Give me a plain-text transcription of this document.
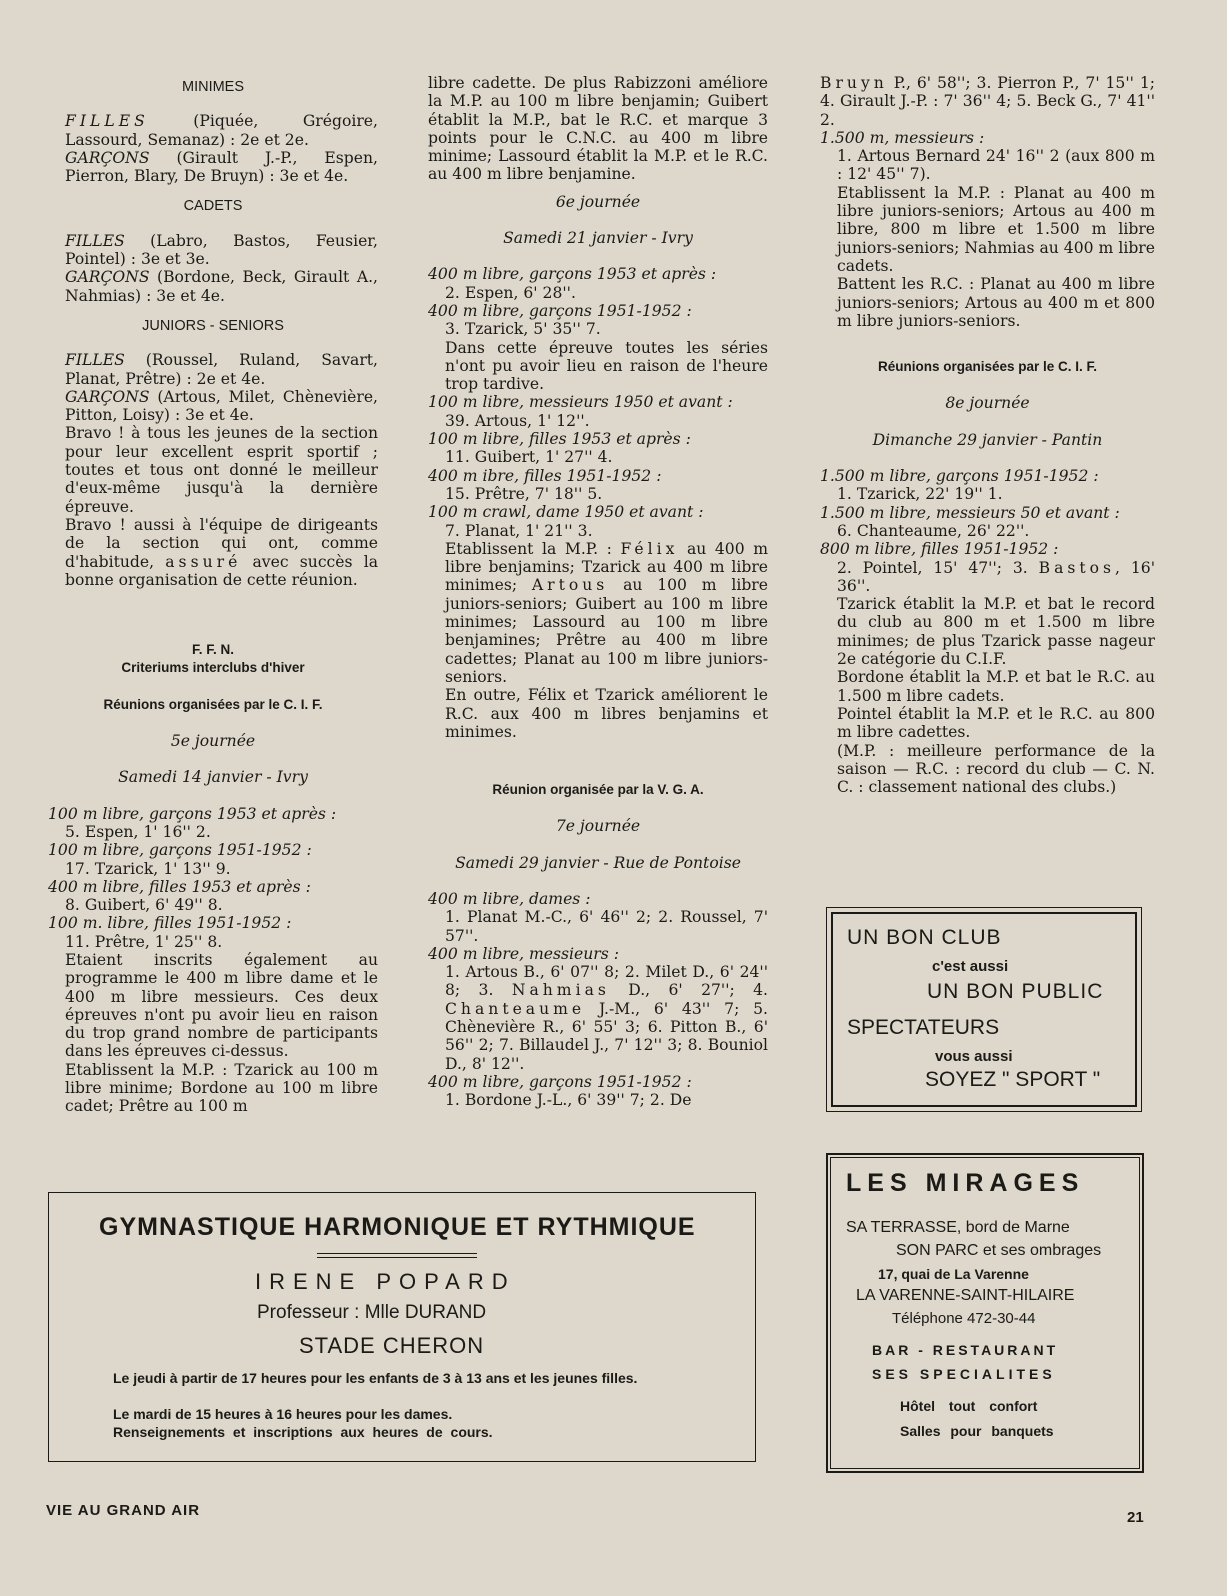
MINIMES

FILLES (Piquée, Grégoire, Lassourd, Semanaz) : 2e et 2e.

GARÇONS (Girault J.-P., Espen, Pierron, Blary, De Bruyn) : 3e et 4e.

CADETS

FILLES (Labro, Bastos, Feusier, Pointel) : 3e et 3e.

GARÇONS (Bordone, Beck, Girault A., Nahmias) : 3e et 4e.

JUNIORS - SENIORS

FILLES (Roussel, Ruland, Savart, Planat, Prêtre) : 2e et 4e.

GARÇONS (Artous, Milet, Chènevière, Pitton, Loisy) : 3e et 4e.

Bravo ! à tous les jeunes de la section pour leur excellent esprit sportif ; toutes et tous ont donné le meilleur d'eux-même jusqu'à la dernière épreuve.

Bravo ! aussi à l'équipe de dirigeants de la section qui ont, comme d'habitude, assuré avec succès la bonne organisation de cette réunion.

F. F. N.

Criteriums interclubs d'hiver

Réunions organisées par le C. I. F.

5e journée

Samedi 14 janvier - Ivry

100 m libre, garçons 1953 et après :

5. Espen, 1' 16'' 2.

100 m libre, garçons 1951-1952 :

17. Tzarick, 1' 13'' 9.

400 m libre, filles 1953 et après :

8. Guibert, 6' 49'' 8.

100 m. libre, filles 1951-1952 :

11. Prêtre, 1' 25'' 8.

Etaient inscrits également au programme le 400 m libre dame et le 400 m libre messieurs. Ces deux épreuves n'ont pu avoir lieu en raison du trop grand nombre de participants dans les épreuves ci-dessus.

Etablissent la M.P. : Tzarick au 100 m libre minime; Bordone au 100 m libre cadet; Prêtre au 100 m

libre cadette. De plus Rabizzoni améliore la M.P. au 100 m libre benjamin; Guibert établit la M.P., bat le R.C. et marque 3 points pour le C.N.C. au 400 m libre minime; Lassourd établit la M.P. et le R.C. au 400 m libre benjamine.

6e journée

Samedi 21 janvier - Ivry

400 m libre, garçons 1953 et après :

2. Espen, 6' 28''.

400 m libre, garçons 1951-1952 :

3. Tzarick, 5' 35'' 7.

Dans cette épreuve toutes les séries n'ont pu avoir lieu en raison de l'heure trop tardive.

100 m libre, messieurs 1950 et avant :

39. Artous, 1' 12''.

100 m libre, filles 1953 et après :

11. Guibert, 1' 27'' 4.

400 m ibre, filles 1951-1952 :

15. Prêtre, 7' 18'' 5.

100 m crawl, dame 1950 et avant :

7. Planat, 1' 21'' 3.

Etablissent la M.P. : Félix au 400 m libre benjamins; Tzarick au 400 m libre minimes; Artous au 100 m libre juniors-seniors; Guibert au 100 m libre minimes; Lassourd au 100 m libre benjamines; Prêtre au 400 m libre cadettes; Planat au 100 m libre juniors-seniors.

En outre, Félix et Tzarick améliorent le R.C. aux 400 m libres benjamins et minimes.

Réunion organisée par la V. G. A.

7e journée

Samedi 29 janvier - Rue de Pontoise

400 m libre, dames :

1. Planat M.-C., 6' 46'' 2; 2. Roussel, 7' 57''.

400 m libre, messieurs :

1. Artous B., 6' 07'' 8; 2. Milet D., 6' 24'' 8; 3. Nahmias D., 6' 27''; 4. Chanteaume J.-M., 6' 43'' 7; 5. Chènevière R., 6' 55' 3; 6. Pitton B., 6' 56'' 2; 7. Billaudel J., 7' 12'' 3; 8. Bouniol D., 8' 12''.

400 m libre, garçons 1951-1952 :

1. Bordone J.-L., 6' 39'' 7; 2. De

Bruyn P., 6' 58''; 3. Pierron P., 7' 15'' 1; 4. Girault J.-P. : 7' 36'' 4; 5. Beck G., 7' 41'' 2.

1.500 m, messieurs :

1. Artous Bernard 24' 16'' 2 (aux 800 m : 12' 45'' 7).

Etablissent la M.P. : Planat au 400 m libre juniors-seniors; Artous au 400 m libre, 800 m libre et 1.500 m libre juniors-seniors; Nahmias au 400 m libre cadets.

Battent les R.C. : Planat au 400 m libre juniors-seniors; Artous au 400 m et 800 m libre juniors-seniors.

Réunions organisées par le C. I. F.

8e journée

Dimanche 29 janvier - Pantin

1.500 m libre, garçons 1951-1952 :

1. Tzarick, 22' 19'' 1.

1.500 m libre, messieurs 50 et avant :

6. Chanteaume, 26' 22''.

800 m libre, filles 1951-1952 :

2. Pointel, 15' 47''; 3. Bastos, 16' 36''.

Tzarick établit la M.P. et bat le record du club au 800 m et 1.500 m libre minimes; de plus Tzarick passe nageur 2e catégorie du C.I.F.

Bordone établit la M.P. et bat le R.C. au 1.500 m libre cadets.

Pointel établit la M.P. et le R.C. au 800 m libre cadettes.

(M.P. : meilleure performance de la saison — R.C. : record du club — C. N. C. : classement national des clubs.)

UN BON CLUB
c'est aussi
UN BON PUBLIC
SPECTATEURS
vous aussi
SOYEZ " SPORT "
LES MIRAGES
SA TERRASSE, bord de Marne
SON PARC et ses ombrages
17, quai de La Varenne
LA VARENNE-SAINT-HILAIRE
Téléphone 472-30-44
BAR - RESTAURANT
SES SPECIALITES
Hôtel tout confort
Salles pour banquets
GYMNASTIQUE HARMONIQUE ET RYTHMIQUE
IRENE POPARD
Professeur : Mlle DURAND
STADE CHERON
Le jeudi à partir de 17 heures pour les enfants de 3 à 13 ans et les jeunes filles.
Le mardi de 15 heures à 16 heures pour les dames.
Renseignements et inscriptions aux heures de cours.
VIE AU GRAND AIR	21
